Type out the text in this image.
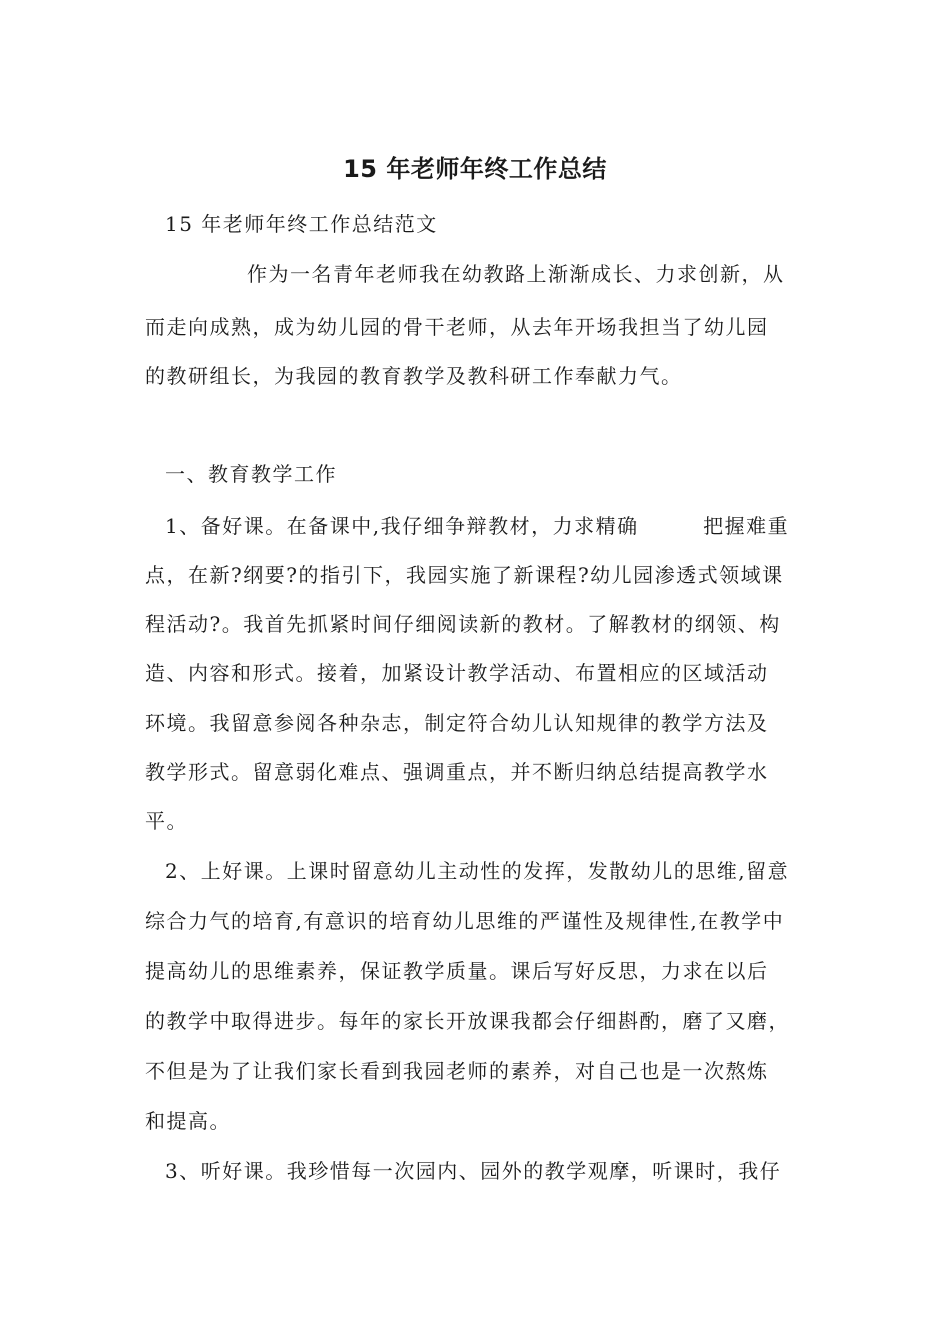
15 年老师年终工作总结
15 年老师年终工作总结范文
作为一名青年老师我在幼教路上渐渐成长、力求创新，从
而走向成熟，成为幼儿园的骨干老师，从去年开场我担当了幼儿园
的教研组长，为我园的教育教学及教科研工作奉献力气。
一、教育教学工作
1、备好课。在备课中,我仔细争辩教材，力求精确　　　把握难重
点，在新?纲要?的指引下，我园实施了新课程?幼儿园渗透式领域课
程活动?。我首先抓紧时间仔细阅读新的教材。了解教材的纲领、构
造、内容和形式。接着，加紧设计教学活动、布置相应的区域活动
环境。我留意参阅各种杂志，制定符合幼儿认知规律的教学方法及
教学形式。留意弱化难点、强调重点，并不断归纳总结提高教学水
平。
2、上好课。上课时留意幼儿主动性的发挥，发散幼儿的思维,留意
综合力气的培育,有意识的培育幼儿思维的严谨性及规律性,在教学中
提高幼儿的思维素养，保证教学质量。课后写好反思，力求在以后
的教学中取得进步。每年的家长开放课我都会仔细斟酌，磨了又磨，
不但是为了让我们家长看到我园老师的素养，对自己也是一次熬炼
和提高。
3、听好课。我珍惜每一次园内、园外的教学观摩，听课时，我仔
